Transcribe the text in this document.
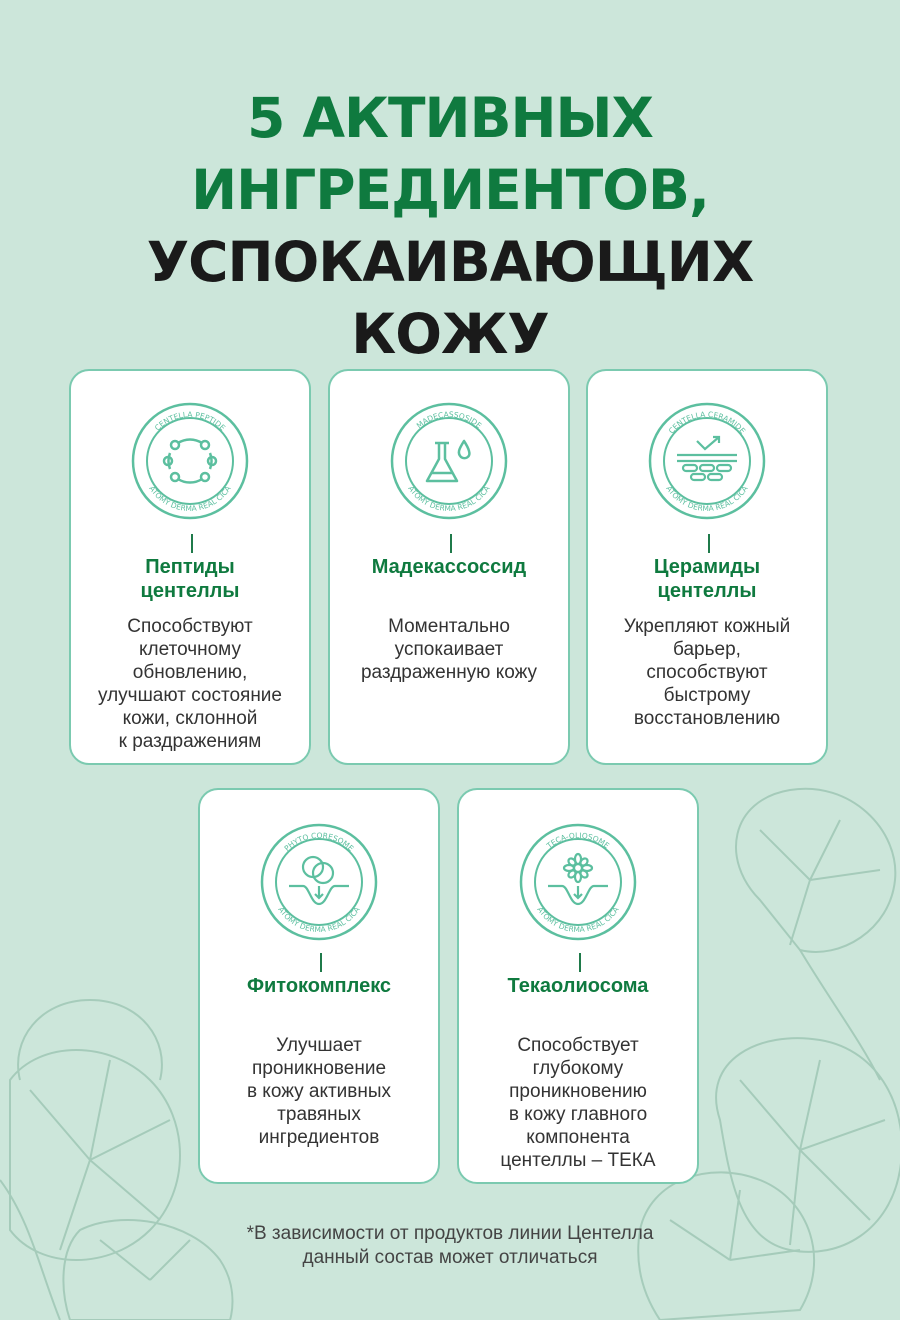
5 АКТИВНЫХ
ИНГРЕДИЕНТОВ,
УСПОКАИВАЮЩИХ
КОЖУ
CENTELLA PEPTIDE
ATOMY DERMA REAL CICA
Пептиды
центеллы
Способствуют
клеточному
обновлению,
улучшают состояние
кожи, склонной
к раздражениям
MADECASSOSIDE
ATOMY DERMA REAL CICA
Мадекассоссид
Моментально
успокаивает
раздраженную кожу
CENTELLA CERAMIDE
ATOMY DERMA REAL CICA
Церамиды
центеллы
Укрепляют кожный
барьер,
способствуют
быстрому
восстановлению
PHYTO CORESOME
ATOMY DERMA REAL CICA
Фитокомплекс
Улучшает
проникновение
в кожу активных
травяных
ингредиентов
TECA-OLIOSOME
ATOMY DERMA REAL CICA
Текаолиосома
Способствует
глубокому
проникновению
в кожу главного
компонента
центеллы – ТЕКА
*В зависимости от продуктов линии Центелла
данный состав может отличаться
